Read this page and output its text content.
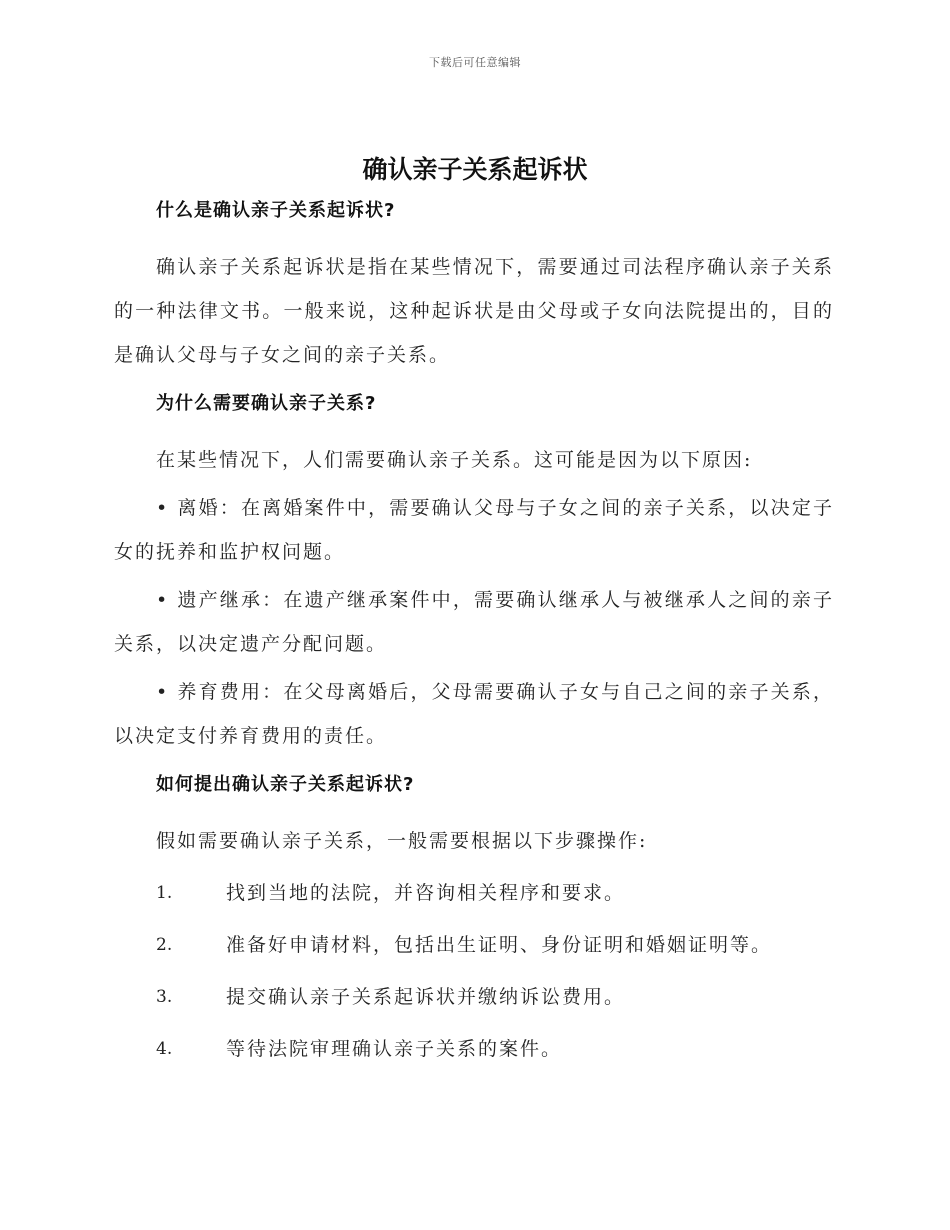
下载后可任意编辑
确认亲子关系起诉状
什么是确认亲子关系起诉状?
确认亲子关系起诉状是指在某些情况下，需要通过司法程序确认亲子关系的一种法律文书。一般来说，这种起诉状是由父母或子女向法院提出的，目的是确认父母与子女之间的亲子关系。
为什么需要确认亲子关系?
在某些情况下，人们需要确认亲子关系。这可能是因为以下原因:
• 离婚：在离婚案件中，需要确认父母与子女之间的亲子关系，以决定子女的抚养和监护权问题。
• 遗产继承：在遗产继承案件中，需要确认继承人与被继承人之间的亲子关系，以决定遗产分配问题。
• 养育费用：在父母离婚后，父母需要确认子女与自己之间的亲子关系，以决定支付养育费用的责任。
如何提出确认亲子关系起诉状?
假如需要确认亲子关系，一般需要根据以下步骤操作:
1.	找到当地的法院，并咨询相关程序和要求。
2.	准备好申请材料，包括出生证明、身份证明和婚姻证明等。
3.	提交确认亲子关系起诉状并缴纳诉讼费用。
4.	等待法院审理确认亲子关系的案件。
